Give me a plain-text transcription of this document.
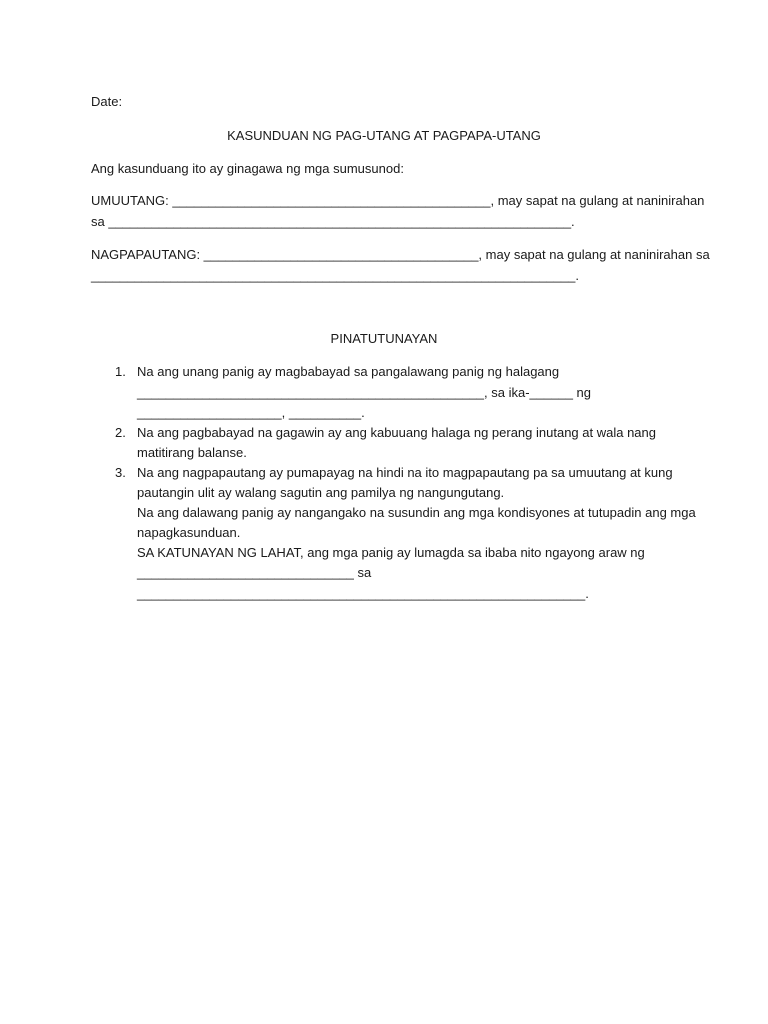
Date:
KASUNDUAN NG PAG-UTANG AT PAGPAPA-UTANG
Ang kasunduang ito ay ginagawa ng mga sumusunod:
UMUUTANG: ____________________________________________, may sapat na gulang at naninirahan
sa ________________________________________________________________.
NAGPAPAUTANG: ______________________________________, may sapat na gulang at naninirahan sa
___________________________________________________________________.
PINATUTUNAYAN
1. Na ang unang panig ay magbabayad sa pangalawang panig ng halagang
________________________________________________, sa ika-______ ng
____________________, __________.
2. Na ang pagbabayad na gagawin ay ang kabuuang halaga ng perang inutang at wala nang
matitirang balanse.
3. Na ang nagpapautang ay pumapayag na hindi na ito magpapautang pa sa umuutang at kung
pautangin ulit ay walang sagutin ang pamilya ng nangungutang.
Na ang dalawang panig ay nangangako na susundin ang mga kondisyones at tutupadin ang mga
napagkasunduan.
SA KATUNAYAN NG LAHAT, ang mga panig ay lumagda sa ibaba nito ngayong araw ng
______________________________ sa
______________________________________________________________.
